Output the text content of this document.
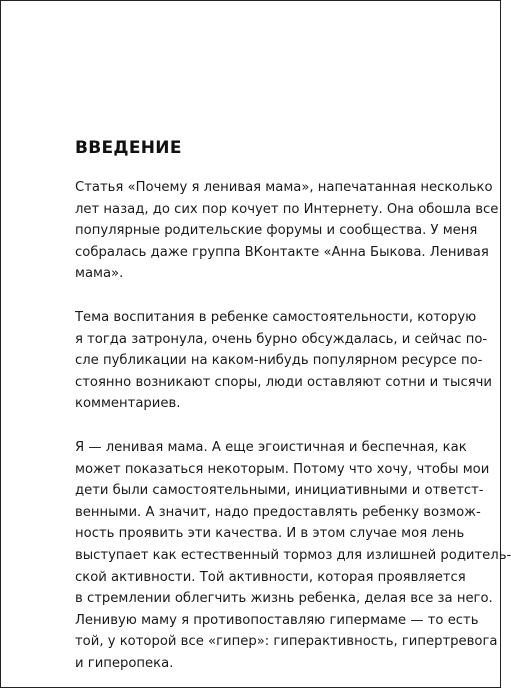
ВВЕДЕНИЕ

Статья «Почему я ленивая мама», напечатанная несколько
лет назад, до сих пор кочует по Интернету. Она обошла все
популярные родительские форумы и сообщества. У меня
собралась даже группа ВКонтакте «Анна Быкова. Ленивая
мама».

Тема воспитания в ребенке самостоятельности, которую
я тогда затронула, очень бурно обсуждалась, и сейчас по-
сле публикации на каком-нибудь популярном ресурсе по-
стоянно возникают споры, люди оставляют сотни и тысячи
комментариев.

Я — ленивая мама. А еще эгоистичная и беспечная, как
может показаться некоторым. Потому что хочу, чтобы мои
дети были самостоятельными, инициативными и ответст-
венными. А значит, надо предоставлять ребенку возмож-
ность проявить эти качества. И в этом случае моя лень
выступает как естественный тормоз для излишней родитель-
ской активности. Той активности, которая проявляется
в стремлении облегчить жизнь ребенка, делая все за него.
Ленивую маму я противопоставляю гипермаме — то есть
той, у которой все «гипер»: гиперактивность, гипертревога
и гиперопека.
